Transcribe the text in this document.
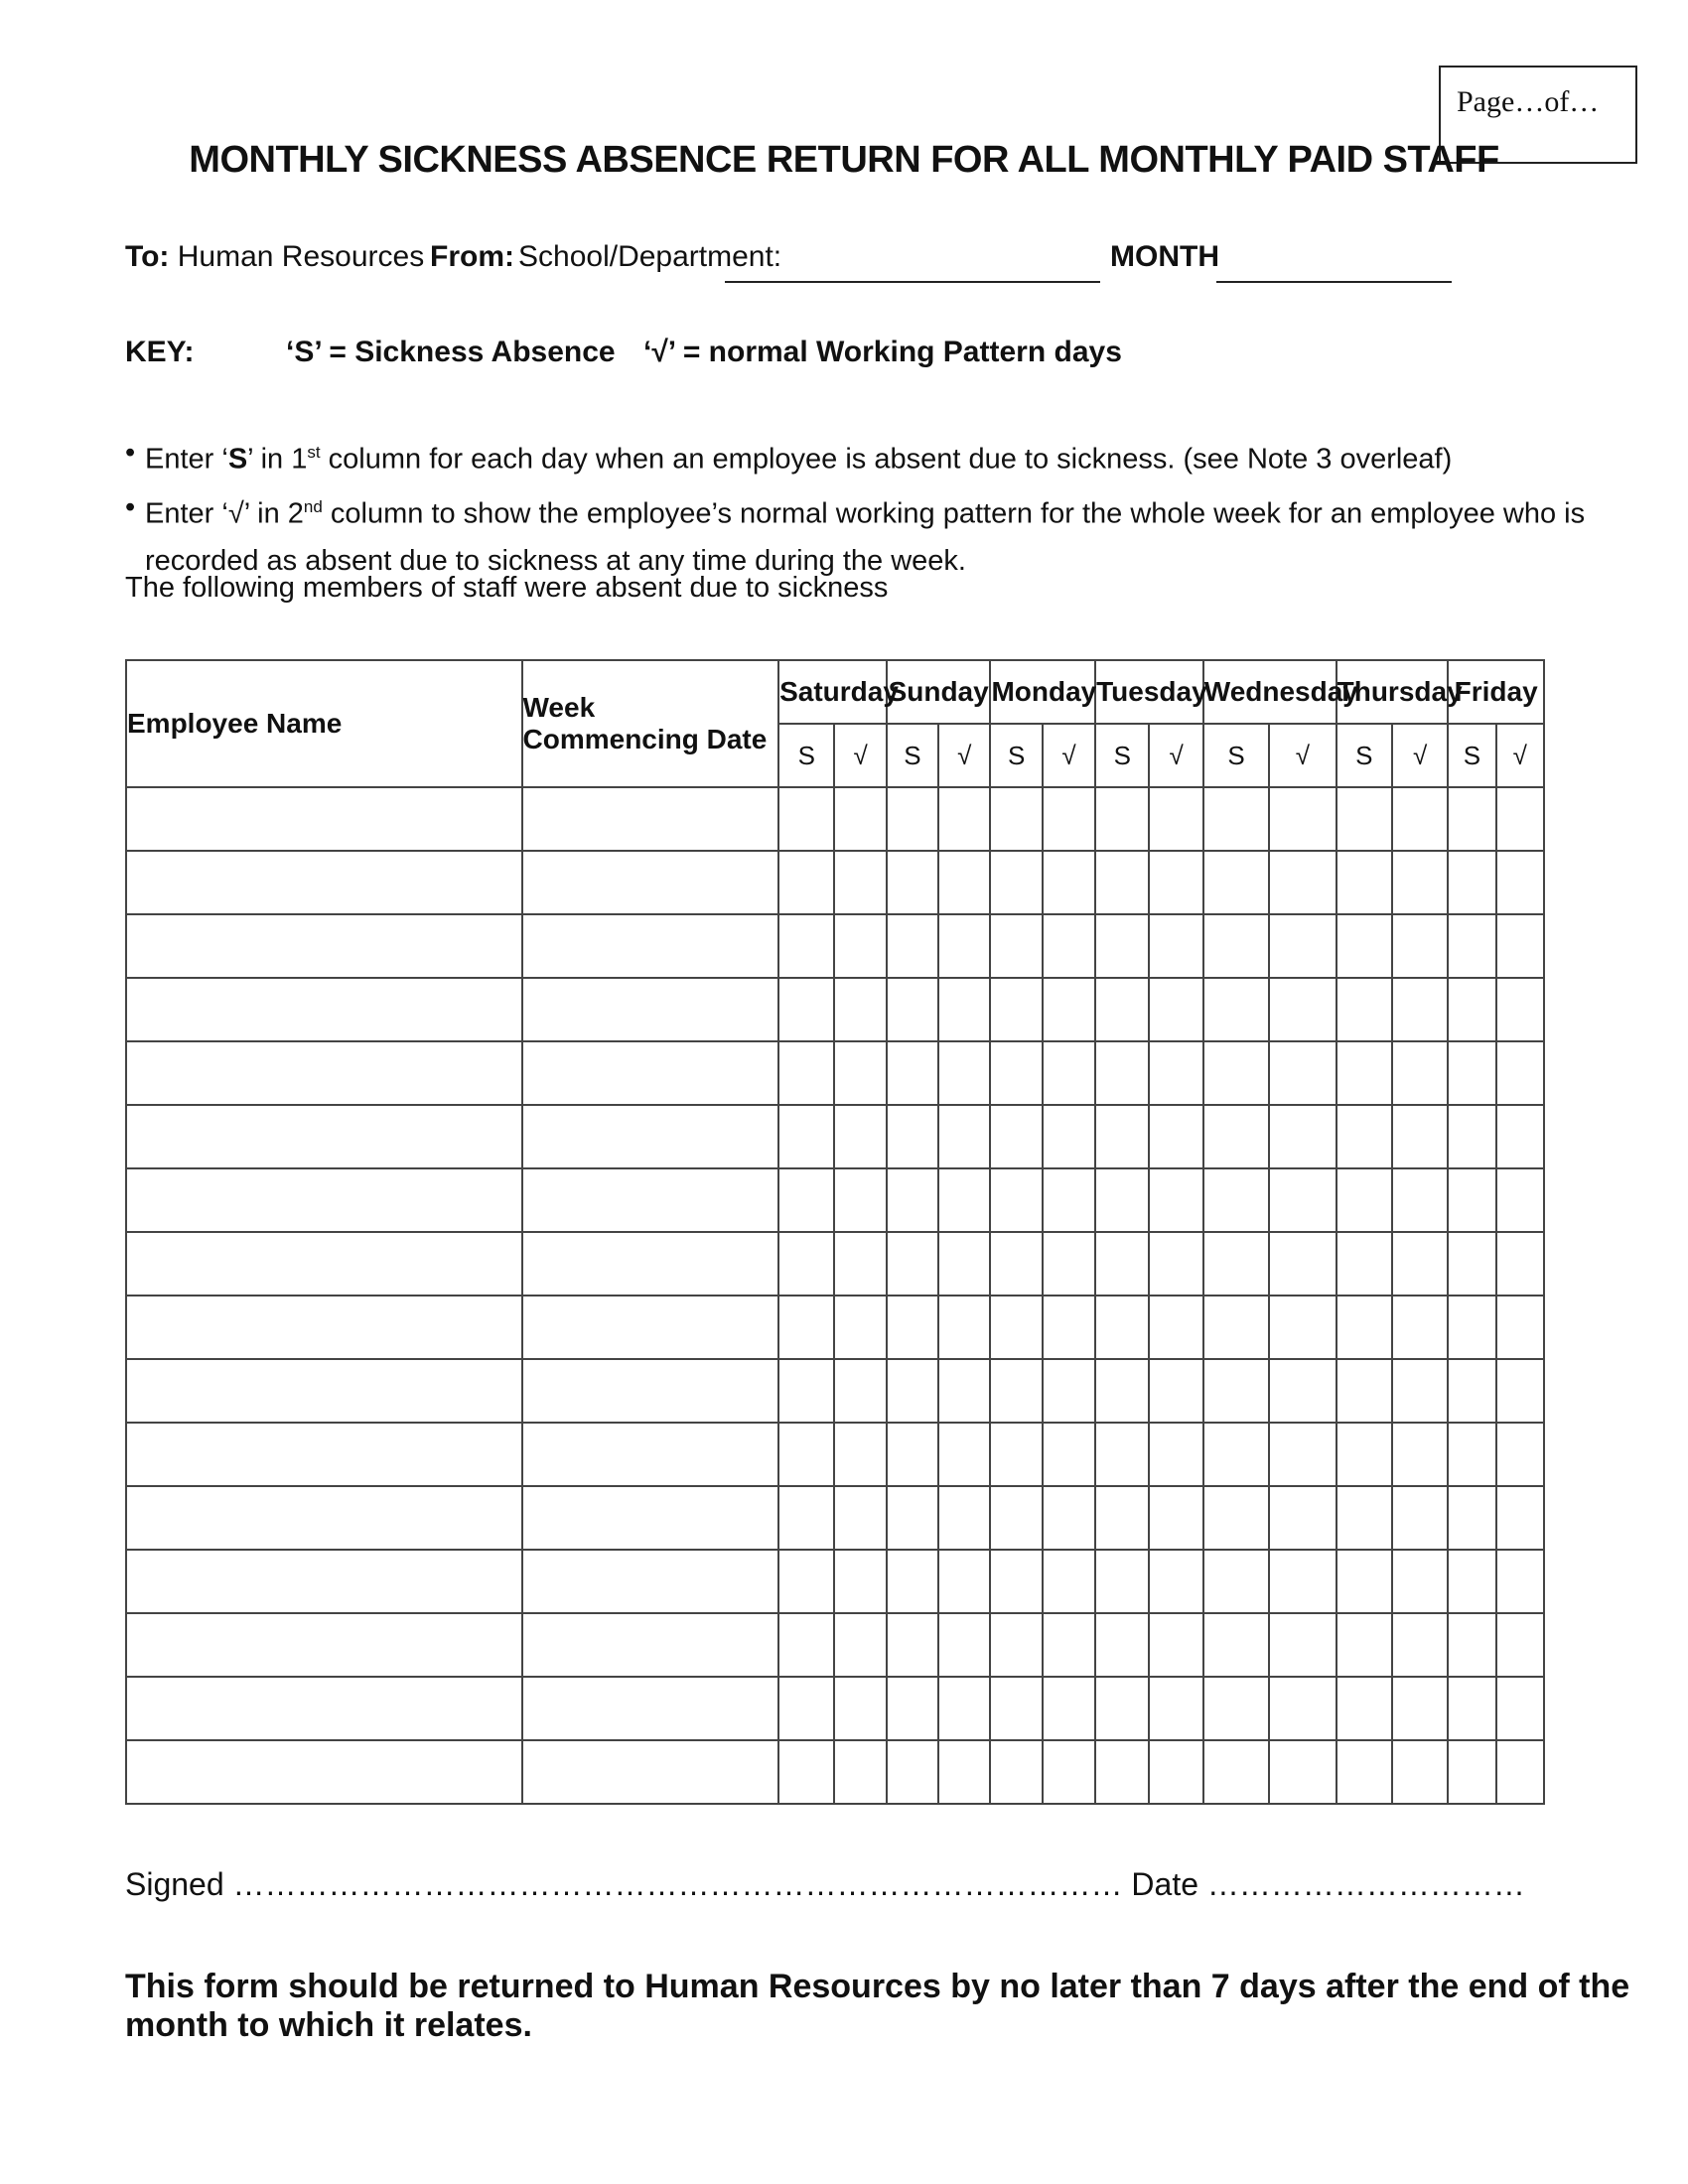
Page…of…
MONTHLY SICKNESS ABSENCE RETURN FOR ALL MONTHLY PAID STAFF
To: Human Resources From: School/Department:	MONTH
KEY:	‘S’ = Sickness Absence ‘√’ = normal Working Pattern days
• Enter ‘S’ in 1st column for each day when an employee is absent due to sickness. (see Note 3 overleaf)
• Enter ‘√’ in 2nd column to show the employee’s normal working pattern for the whole week for an employee who is recorded as absent due to sickness at any time during the week.
The following members of staff were absent due to sickness
Employee Name	Week Commencing Date	Saturday		Sunday		Monday		Tuesday		Wednesday		Thursday		Friday	
		S	√	S	√	S	√	S	√	S	√	S	√	S	√

Signed ………………………………………………………………………… Date …………………………
This form should be returned to Human Resources by no later than 7 days after the end of the month to which it relates.
